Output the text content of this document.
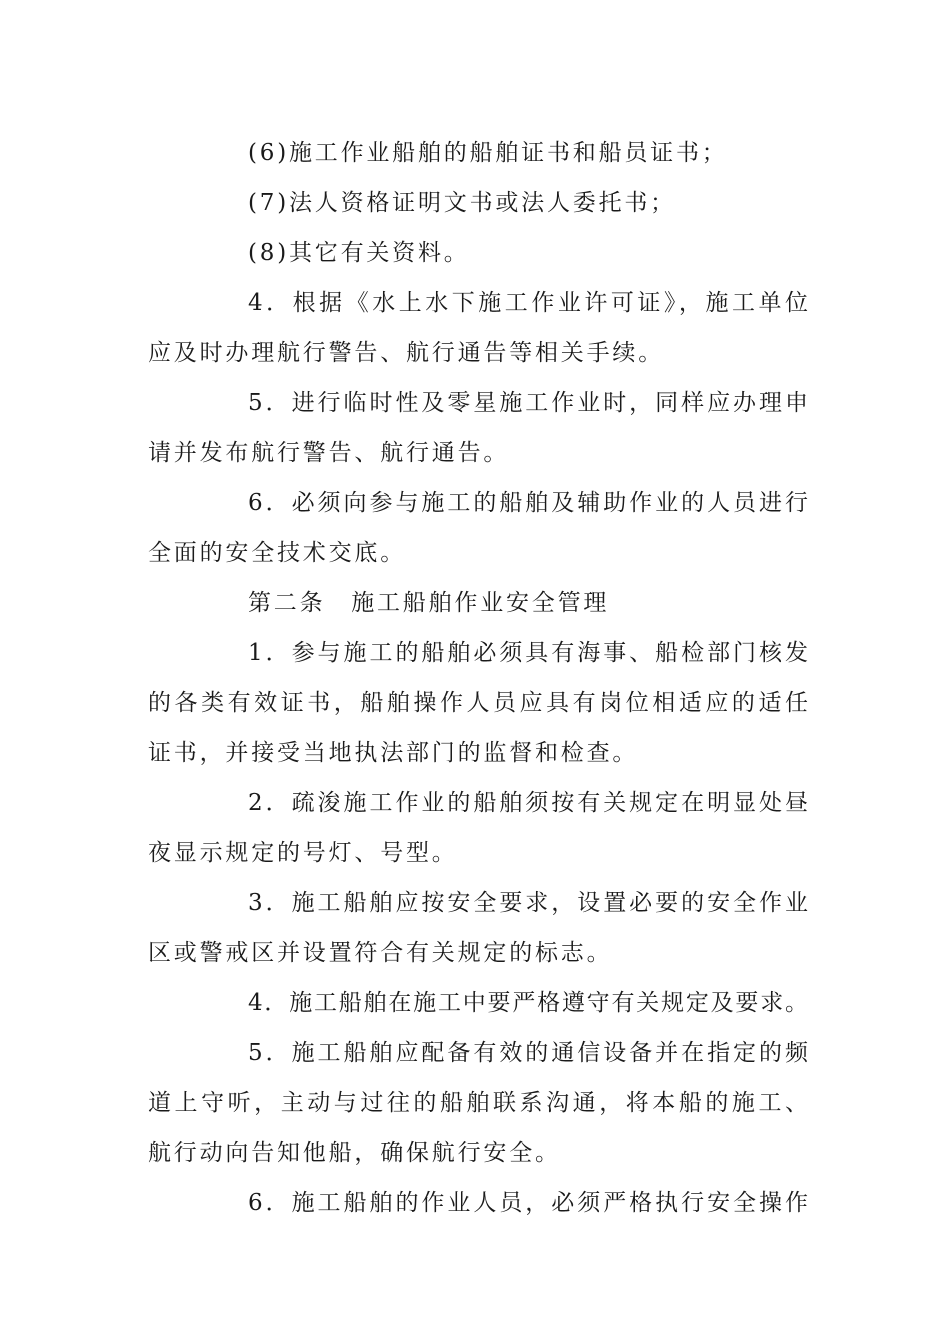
(6)施工作业船舶的船舶证书和船员证书；
(7)法人资格证明文书或法人委托书；
(8)其它有关资料。
4．根据《水上水下施工作业许可证》，施工单位
应及时办理航行警告、航行通告等相关手续。
5．进行临时性及零星施工作业时，同样应办理申
请并发布航行警告、航行通告。
6．必须向参与施工的船舶及辅助作业的人员进行
全面的安全技术交底。
第二条　施工船舶作业安全管理
1．参与施工的船舶必须具有海事、船检部门核发
的各类有效证书，船舶操作人员应具有岗位相适应的适任
证书，并接受当地执法部门的监督和检查。
2．疏浚施工作业的船舶须按有关规定在明显处昼
夜显示规定的号灯、号型。
3．施工船舶应按安全要求，设置必要的安全作业
区或警戒区并设置符合有关规定的标志。
4．施工船舶在施工中要严格遵守有关规定及要求。
5．施工船舶应配备有效的通信设备并在指定的频
道上守听，主动与过往的船舶联系沟通，将本船的施工、
航行动向告知他船，确保航行安全。
6．施工船舶的作业人员，必须严格执行安全操作
